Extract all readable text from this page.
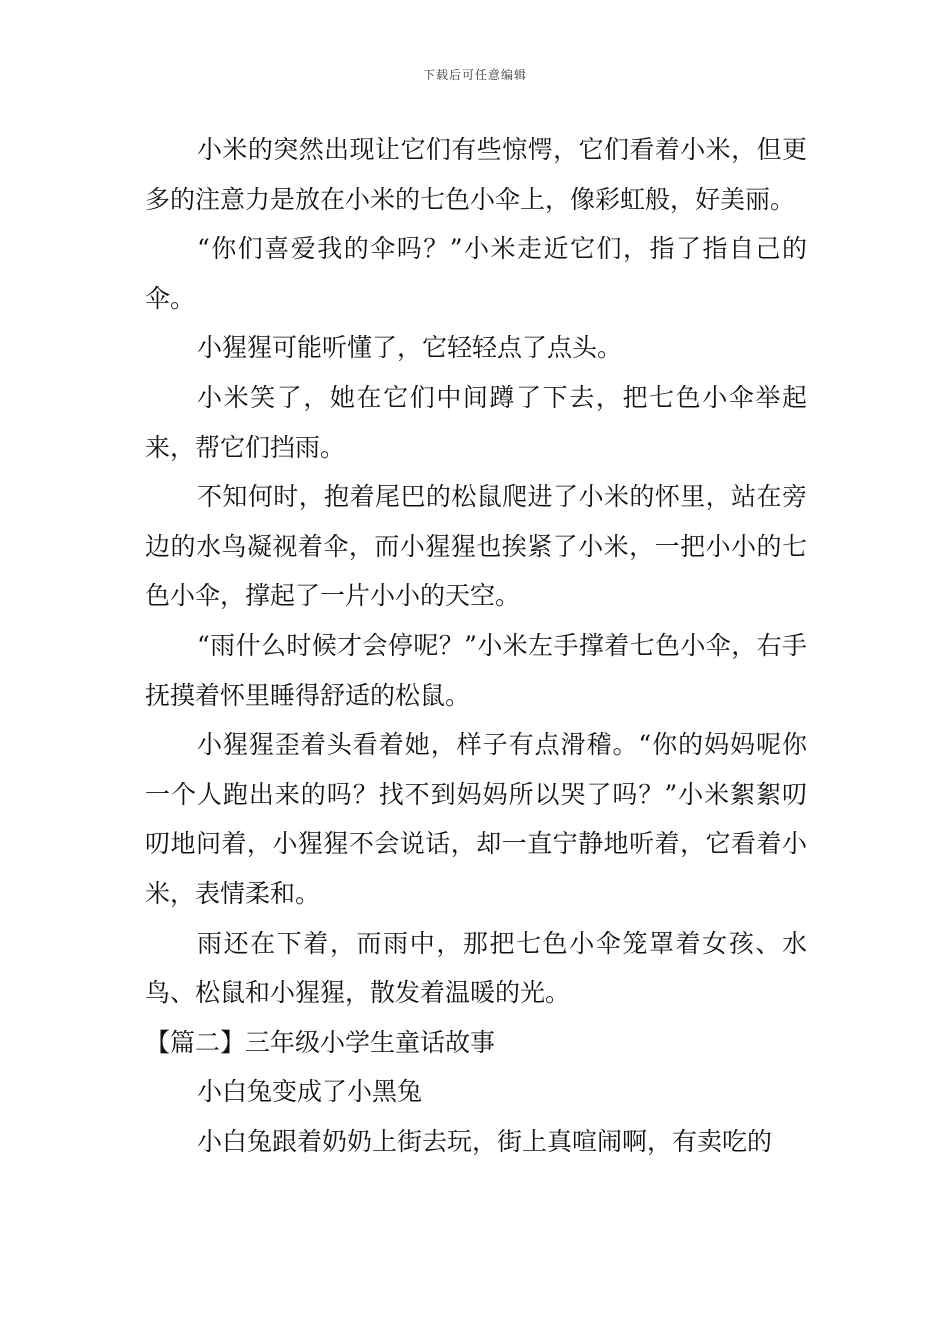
下载后可任意编辑

小米的突然出现让它们有些惊愕，它们看着小米，但更多的注意力是放在小米的七色小伞上，像彩虹般，好美丽。

“你们喜爱我的伞吗？”小米走近它们，指了指自己的伞。

小猩猩可能听懂了，它轻轻点了点头。

小米笑了，她在它们中间蹲了下去，把七色小伞举起来，帮它们挡雨。

不知何时，抱着尾巴的松鼠爬进了小米的怀里，站在旁边的水鸟凝视着伞，而小猩猩也挨紧了小米，一把小小的七色小伞，撑起了一片小小的天空。

“雨什么时候才会停呢？”小米左手撑着七色小伞，右手抚摸着怀里睡得舒适的松鼠。

小猩猩歪着头看着她，样子有点滑稽。“你的妈妈呢你一个人跑出来的吗？找不到妈妈所以哭了吗？”小米絮絮叨叨地问着，小猩猩不会说话，却一直宁静地听着，它看着小米，表情柔和。

雨还在下着，而雨中，那把七色小伞笼罩着女孩、水鸟、松鼠和小猩猩，散发着温暖的光。

【篇二】三年级小学生童话故事

小白兔变成了小黑兔

小白兔跟着奶奶上街去玩，街上真喧闹啊，有卖吃的
